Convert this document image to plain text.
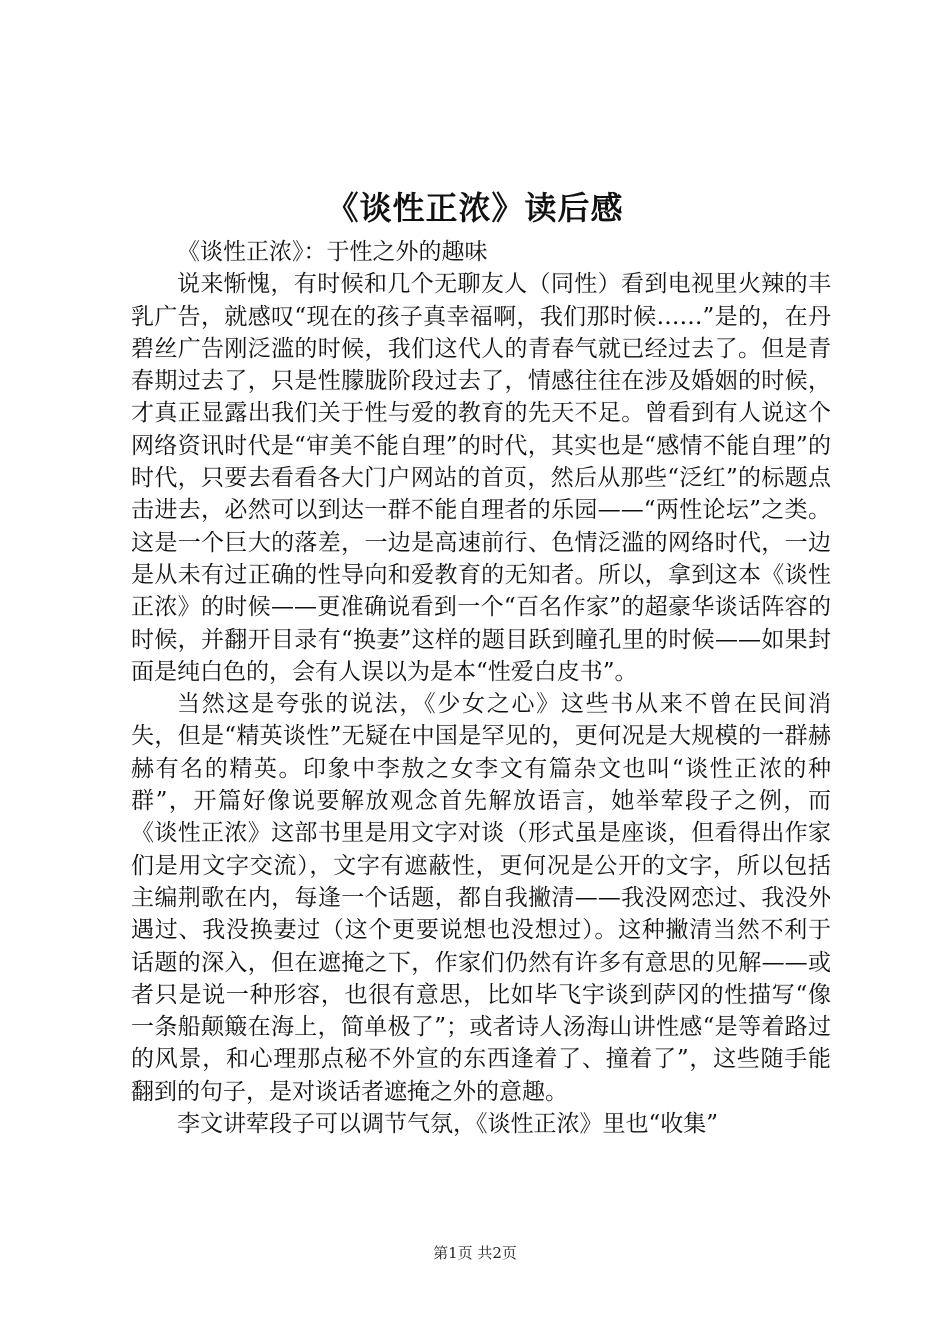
《谈性正浓》读后感

《谈性正浓》：于性之外的趣味

说来惭愧，有时候和几个无聊友人（同性）看到电视里火辣的丰乳广告，就感叹“现在的孩子真幸福啊，我们那时候……”是的，在丹碧丝广告刚泛滥的时候，我们这代人的青春气就已经过去了。但是青春期过去了，只是性朦胧阶段过去了，情感往往在涉及婚姻的时候，才真正显露出我们关于性与爱的教育的先天不足。曾看到有人说这个网络资讯时代是“审美不能自理”的时代，其实也是“感情不能自理”的时代，只要去看看各大门户网站的首页，然后从那些“泛红”的标题点击进去，必然可以到达一群不能自理者的乐园——“两性论坛”之类。这是一个巨大的落差，一边是高速前行、色情泛滥的网络时代，一边是从未有过正确的性导向和爱教育的无知者。所以，拿到这本《谈性正浓》的时候——更准确说看到一个“百名作家”的超豪华谈话阵容的时候，并翻开目录有“换妻”这样的题目跃到瞳孔里的时候——如果封面是纯白色的，会有人误以为是本“性爱白皮书”。

当然这是夸张的说法，《少女之心》这些书从来不曾在民间消失，但是“精英谈性”无疑在中国是罕见的，更何况是大规模的一群赫赫有名的精英。印象中李敖之女李文有篇杂文也叫“谈性正浓的种群”，开篇好像说要解放观念首先解放语言，她举荤段子之例，而《谈性正浓》这部书里是用文字对谈（形式虽是座谈，但看得出作家们是用文字交流），文字有遮蔽性，更何况是公开的文字，所以包括主编荆歌在内，每逢一个话题，都自我撇清——我没网恋过、我没外遇过、我没换妻过（这个更要说想也没想过）。这种撇清当然不利于话题的深入，但在遮掩之下，作家们仍然有许多有意思的见解——或者只是说一种形容，也很有意思，比如毕飞宇谈到萨冈的性描写“像一条船颠簸在海上，简单极了”；或者诗人汤海山讲性感“是等着路过的风景，和心理那点秘不外宣的东西逢着了、撞着了”，这些随手能翻到的句子，是对谈话者遮掩之外的意趣。

李文讲荤段子可以调节气氛，《谈性正浓》里也“收集”

第1页 共2页
